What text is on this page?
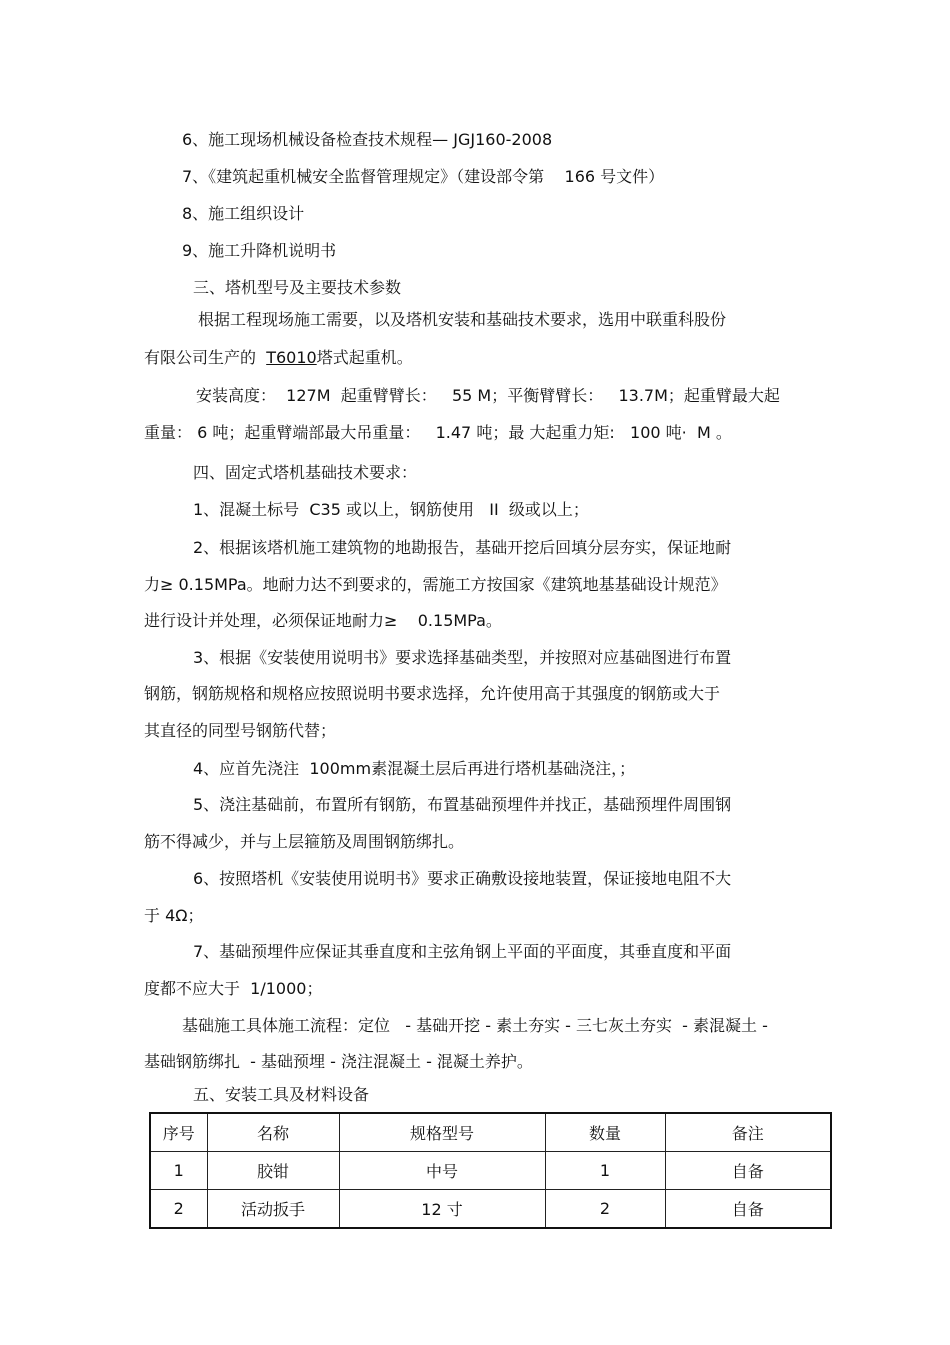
6、施工现场机械设备检查技术规程— JGJ160-2008
7、《建筑起重机械安全监督管理规定》（建设部令第    166 号文件）
8、施工组织设计
9、施工升降机说明书
三、塔机型号及主要技术参数
根据工程现场施工需要，以及塔机安装和基础技术要求，选用中联重科股份
有限公司生产的  T6010塔式起重机。
安装高度：  127M  起重臂臂长：   55 M；平衡臂臂长：   13.7M；起重臂最大起
重量： 6 吨；起重臂端部最大吊重量：   1.47 吨；最 大起重力矩:   100 吨·  M 。
四、固定式塔机基础技术要求：
1、混凝土标号  C35 或以上，钢筋使用   II  级或以上；
2、根据该塔机施工建筑物的地勘报告，基础开挖后回填分层夯实，保证地耐
力≥ 0.15MPa。地耐力达不到要求的，需施工方按国家《建筑地基基础设计规范》
进行设计并处理，必须保证地耐力≥    0.15MPa。
3、根据《安装使用说明书》要求选择基础类型，并按照对应基础图进行布置
钢筋，钢筋规格和规格应按照说明书要求选择，允许使用高于其强度的钢筋或大于
其直径的同型号钢筋代替；
4、应首先浇注  100mm素混凝土层后再进行塔机基础浇注，；
5、浇注基础前，布置所有钢筋，布置基础预埋件并找正，基础预埋件周围钢
筋不得减少，并与上层箍筋及周围钢筋绑扎。
6、按照塔机《安装使用说明书》要求正确敷设接地装置，保证接地电阻不大
于 4Ω；
7、基础预埋件应保证其垂直度和主弦角钢上平面的平面度，其垂直度和平面
度都不应大于  1/1000；
基础施工具体施工流程：定位   - 基础开挖 - 素土夯实 - 三七灰土夯实  - 素混凝土 -
基础钢筋绑扎  - 基础预埋 - 浇注混凝土 - 混凝土养护。
五、安装工具及材料设备
序号	名称	规格型号	数量	备注
1	胶钳	中号	1	自备
2	活动扳手	12 寸	2	自备
